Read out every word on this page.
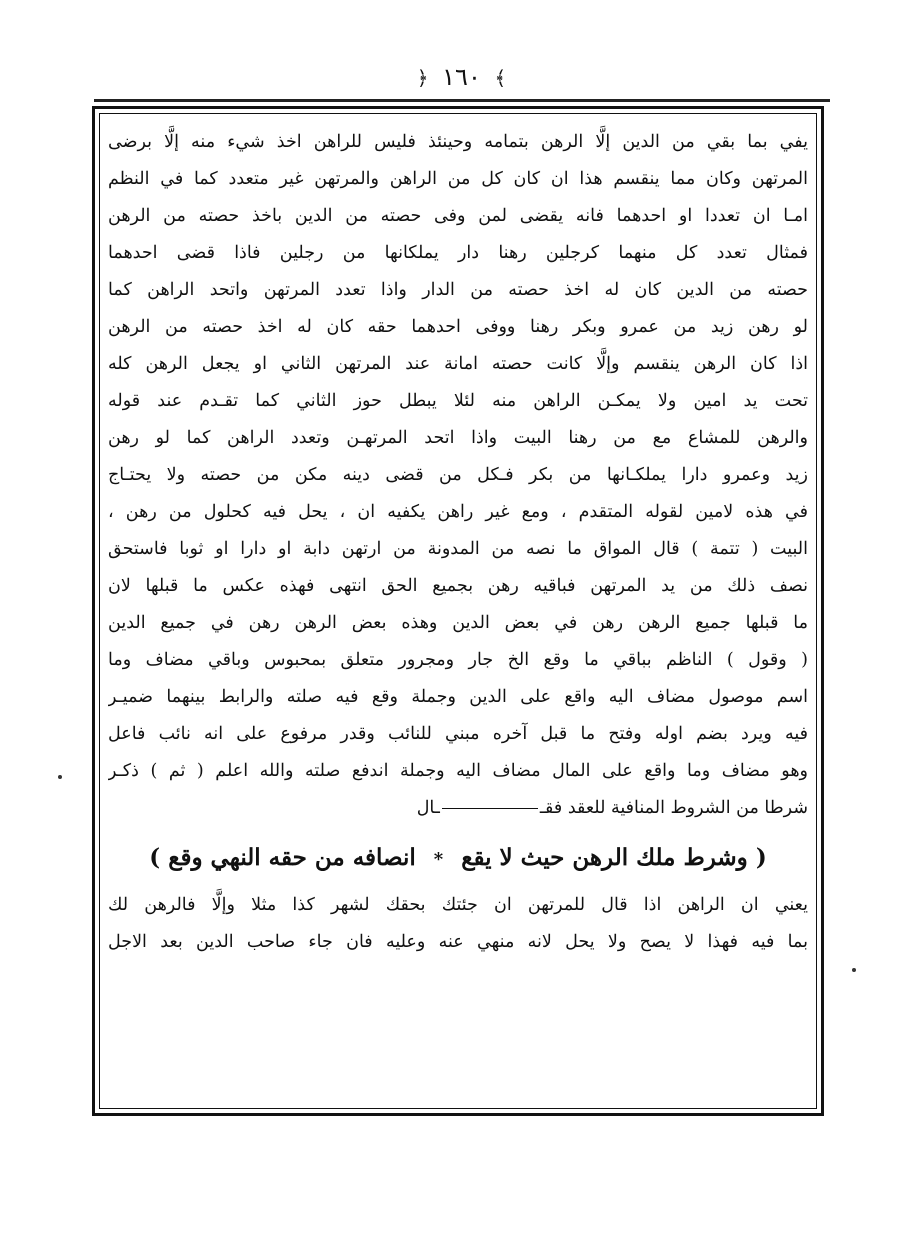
﴿ ١٦٠ ﴾
يفي بما بقي من الدين إلَّا الرهن بتمامه وحينئذ فليس للراهن اخذ شيء منه إلَّا برضى
المرتهن وكان مما ينقسم هذا ان كان كل من الراهن والمرتهن غير متعدد كما في النظم
امـا ان تعددا او احدهما فانه يقضى لمن وفى حصته من الدين باخذ حصته من الرهن
فمثال تعدد كل منهما كرجلين رهنا دار يملكانها من رجلين فاذا قضى احدهما
حصته من الدين كان له اخذ حصته من الدار واذا تعدد المرتهن واتحد الراهن كما
لو رهن زيد من عمرو وبكر رهنا ووفى احدهما حقه كان له اخذ حصته من الرهن
اذا كان الرهن ينقسم وإلَّا كانت حصته امانة عند المرتهن الثاني او يجعل الرهن كله
تحت يد امين ولا يمكـن الراهن منه لئلا يبطل حوز الثاني كما تقـدم عند قوله
والرهن للمشاع مع من رهنا البيت واذا اتحد المرتهـن وتعدد الراهن كما لو رهن
زيد وعمرو دارا يملكـانها من بكر فـكل من قضى دينه مكن من حصته ولا يحتـاج
في هذه لامين لقوله المتقدم ، ومع غير راهن يكفيه ان ، يحل فيه كحلول من رهن ،
البيت ( تتمة ) قال المواق ما نصه من المدونة من ارتهن دابة او دارا او ثوبا فاستحق
نصف ذلك من يد المرتهن فباقيه رهن بجميع الحق انتهى فهذه عكس ما قبلها لان
ما قبلها جميع الرهن رهن في بعض الدين وهذه بعض الرهن رهن في جميع الدين
( وقول ) الناظم بباقي ما وقع الخ جار ومجرور متعلق بمحبوس وباقي مضاف وما
اسم موصول مضاف اليه واقع على الدين وجملة وقع فيه صلته والرابط بينهما ضميـر
فيه ويرد بضم اوله وفتح ما قبل آخره مبني للنائب وقدر مرفوع على انه نائب فاعل
وهو مضاف وما واقع على المال مضاف اليه وجملة اندفع صلته والله اعلم ( ثم ) ذكـر
شرطا من الشروط المنافية للعقد فقــال
( وشرط ملك الرهن حيث لا يقع * انصافه من حقه النهي وقع )
يعني ان الراهن اذا قال للمرتهن ان جئتك بحقك لشهر كذا مثلا وإلَّا فالرهن لك
بما فيه فهذا لا يصح ولا يحل لانه منهي عنه وعليه فان جاء صاحب الدين بعد الاجل
